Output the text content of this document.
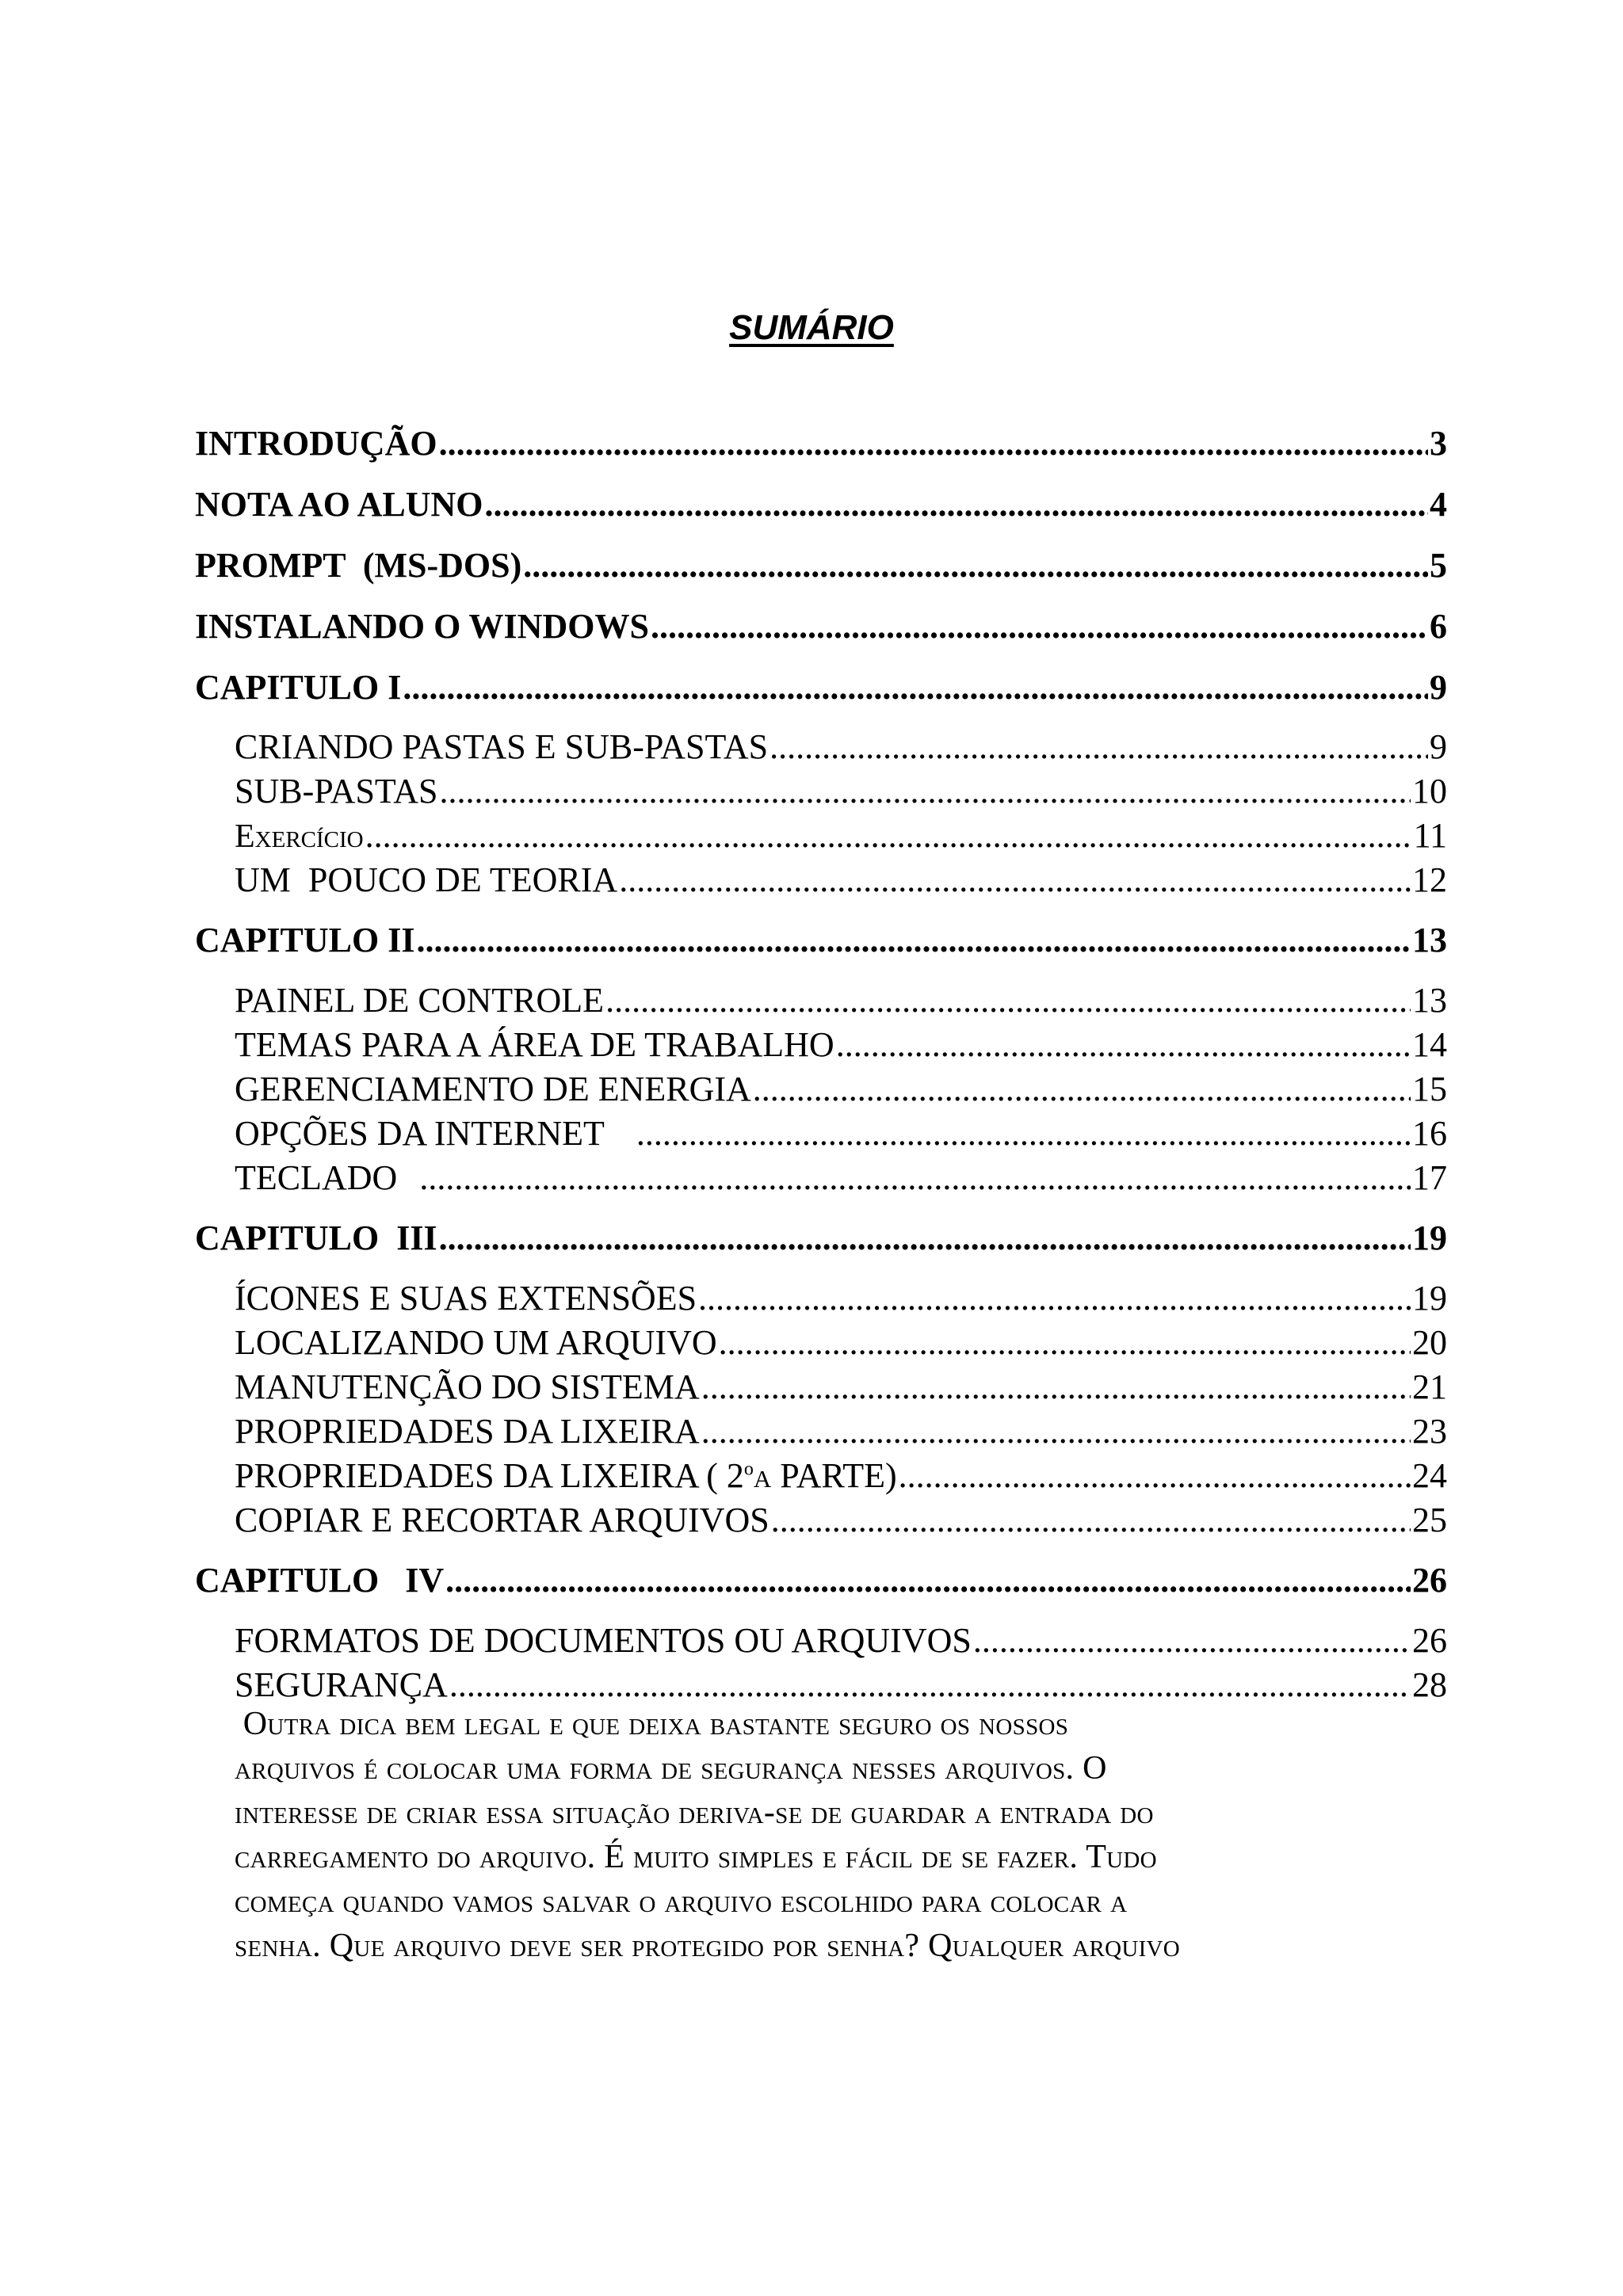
SUMÁRIO
INTRODUÇÃO .....	3
NOTA AO ALUNO .....	4
PROMPT  (MS-DOS) .....	5
INSTALANDO O WINDOWS .....	6
CAPITULO I .....	9
CRIANDO PASTAS E SUB-PASTAS .....	9
SUB-PASTAS .....	10
Exercício .....	11
UM  POUCO DE TEORIA .....	12
CAPITULO II .....	13
PAINEL DE CONTROLE .....	13
TEMAS PARA A ÁREA DE TRABALHO .....	14
GERENCIAMENTO DE ENERGIA .....	15
OPÇÕES DA INTERNET .....	16
TECLADO .....	17
CAPITULO  III .....	19
ÍCONES E SUAS EXTENSÕES .....	19
LOCALIZANDO UM ARQUIVO .....	20
MANUTENÇÃO DO SISTEMA .....	21
PROPRIEDADES DA LIXEIRA .....	23
PROPRIEDADES DA LIXEIRA ( 2$^o$a PARTE) .....	24
COPIAR E RECORTAR ARQUIVOS .....	25
CAPITULO   IV .....	26
FORMATOS DE DOCUMENTOS OU ARQUIVOS .....	26
SEGURANÇA .....	28
Outra dica bem legal e que deixa bastante seguro os nossos
arquivos é colocar uma forma de segurança nesses arquivos. O
interesse de criar essa situação deriva-se de guardar a entrada do
carregamento do arquivo. É muito simples e fácil de se fazer. Tudo
começa quando vamos salvar o arquivo escolhido para colocar a
senha. Que arquivo deve ser protegido por senha? Qualquer arquivo
